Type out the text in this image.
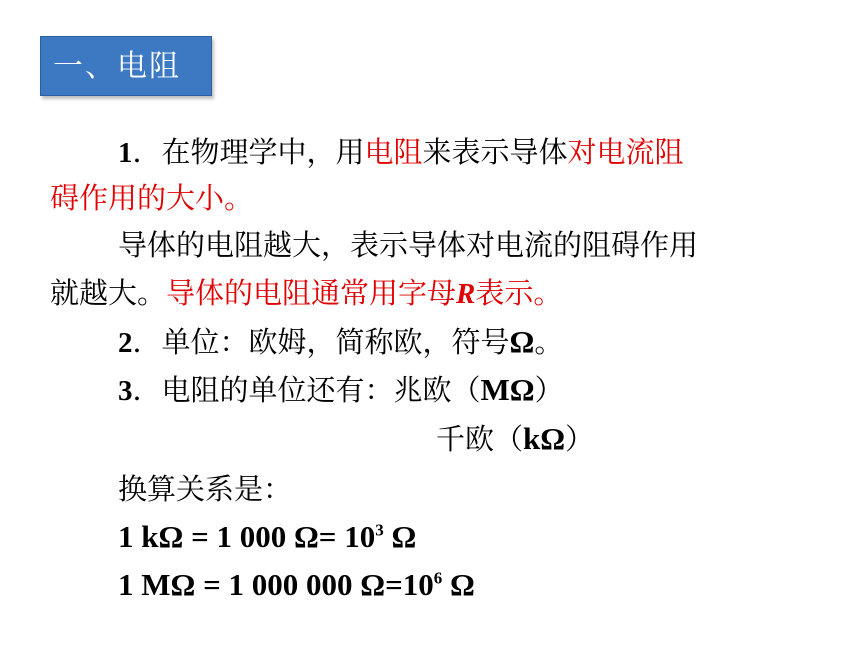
一、电阻
1．在物理学中，用电阻来表示导体对电流阻
碍作用的大小。
导体的电阻越大，表示导体对电流的阻碍作用
就越大。导体的电阻通常用字母R表示。
2．单位：欧姆，简称欧，符号Ω。
3．电阻的单位还有：兆欧（MΩ）
千欧（kΩ）
换算关系是：
1 kΩ = 1 000 $\Omega= 10^3$ Ω
1 MΩ = 1 000 000 $\Omega=10^6$ Ω
